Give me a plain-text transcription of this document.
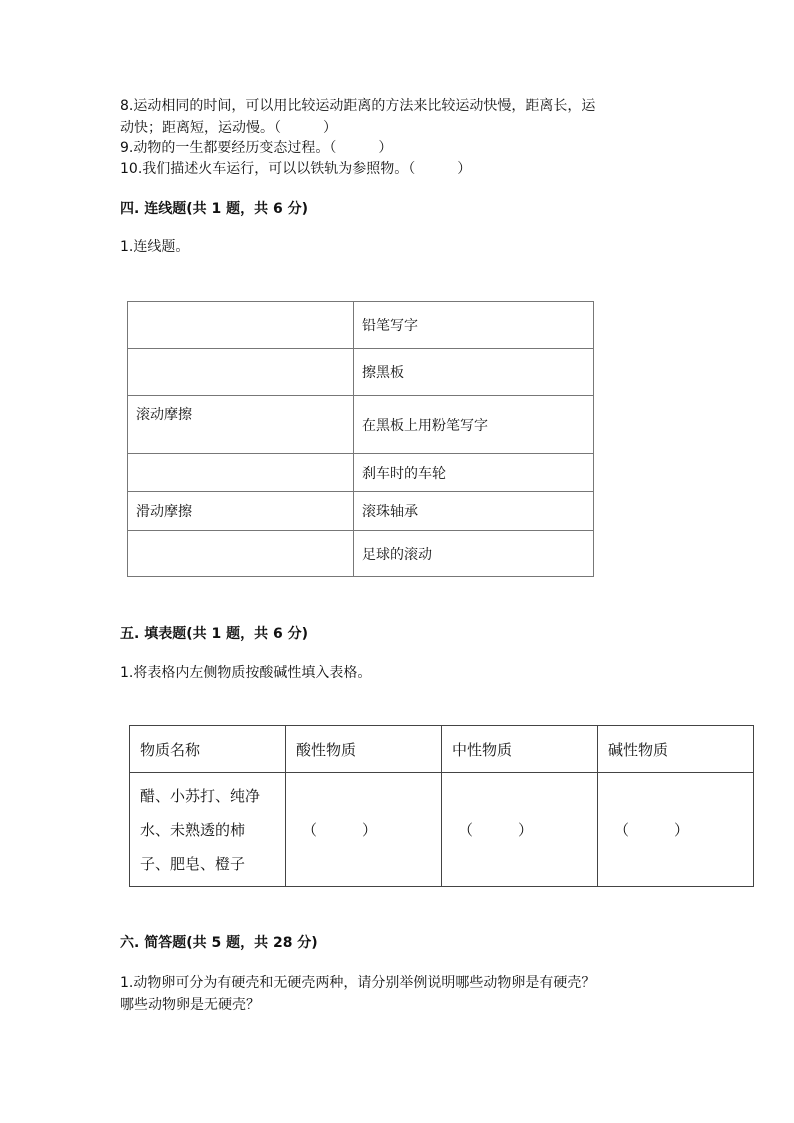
8.运动相同的时间，可以用比较运动距离的方法来比较运动快慢，距离长，运
动快；距离短，运动慢。（　　　）
9.动物的一生都要经历变态过程。（　　　）
10.我们描述火车运行，可以以铁轨为参照物。（　　　）
四. 连线题(共 1 题，共 6 分)
1.连线题。
	铅笔写字
	擦黑板
滚动摩擦	在黑板上用粉笔写字
	刹车时的车轮
滑动摩擦	滚珠轴承
	足球的滚动
五. 填表题(共 1 题，共 6 分)
1.将表格内左侧物质按酸碱性填入表格。
物质名称	酸性物质	中性物质	碱性物质

醋、小苏打、纯净
水、未熟透的柿
子、肥皂、橙子	（　　　）	（　　　）	（　　　）
六. 简答题(共 5 题，共 28 分)
1.动物卵可分为有硬壳和无硬壳两种，请分别举例说明哪些动物卵是有硬壳？
哪些动物卵是无硬壳？
